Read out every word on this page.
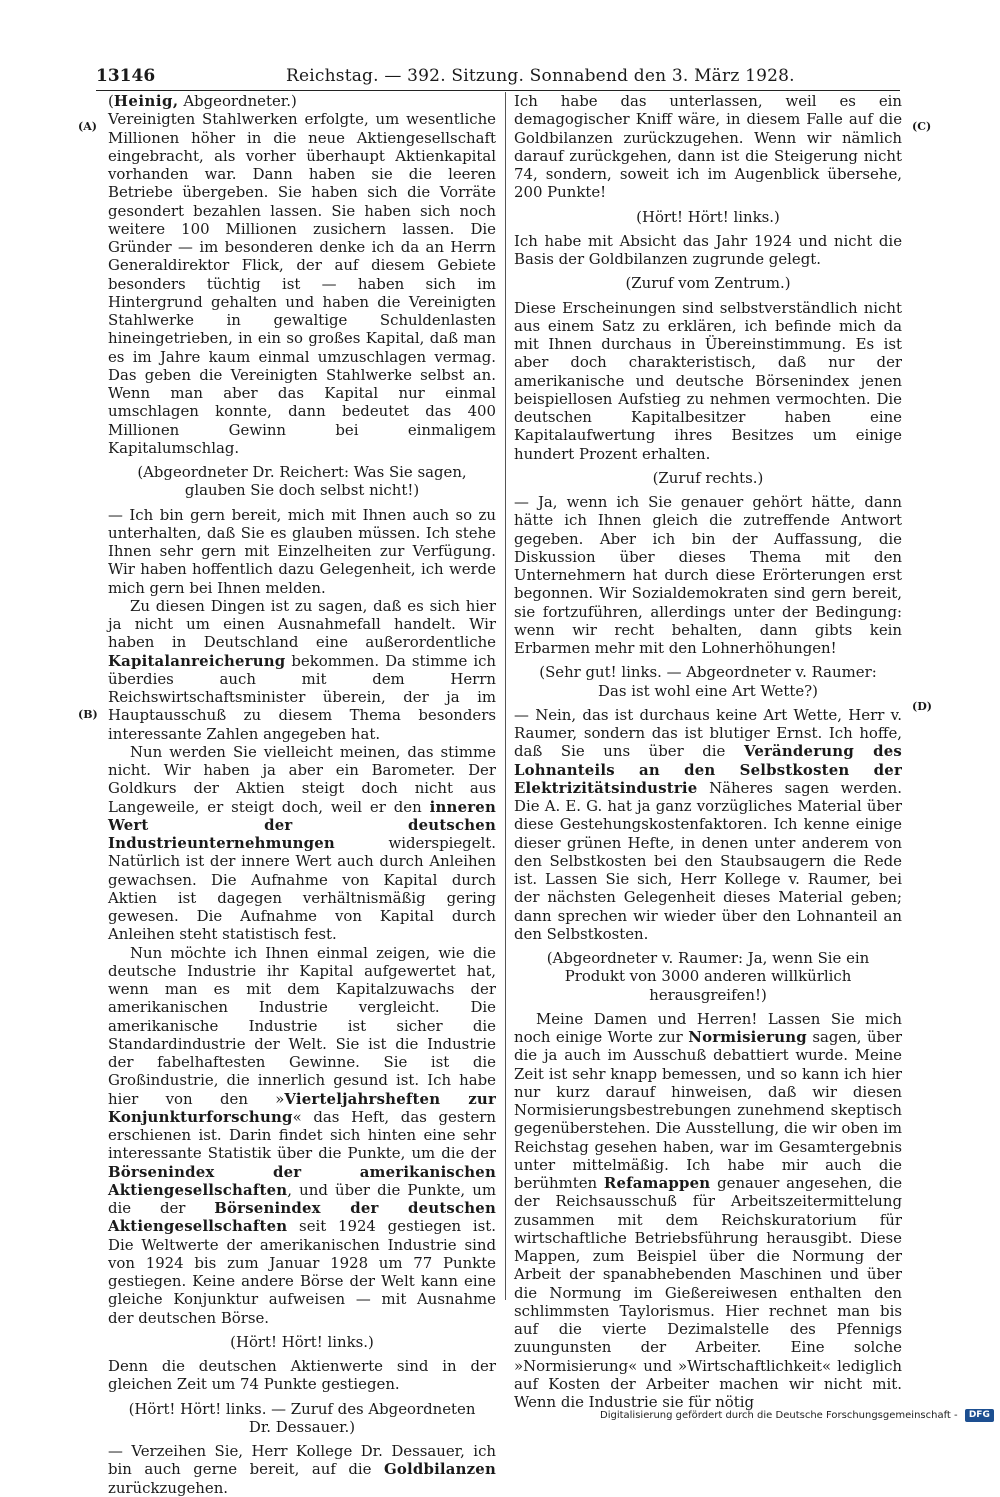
13146	Reichstag. — 392. Sitzung. Sonnabend den 3. März 1928.
(A)
(B)
(C)
(D)

(Heinig, Abgeordneter.)

Vereinigten Stahlwerken erfolgte, um wesentliche Millionen höher in die neue Aktiengesellschaft eingebracht, als vorher überhaupt Aktienkapital vorhanden war. Dann haben sie die leeren Betriebe übergeben. Sie haben sich die Vorräte gesondert bezahlen lassen. Sie haben sich noch weitere 100 Millionen zusichern lassen. Die Gründer — im besonderen denke ich da an Herrn Generaldirektor Flick, der auf diesem Gebiete besonders tüchtig ist — haben sich im Hintergrund gehalten und haben die Vereinigten Stahlwerke in gewaltige Schuldenlasten hineingetrieben, in ein so großes Kapital, daß man es im Jahre kaum einmal umzuschlagen vermag. Das geben die Vereinigten Stahlwerke selbst an. Wenn man aber das Kapital nur einmal umschlagen konnte, dann bedeutet das 400 Millionen Gewinn bei einmaligem Kapitalumschlag.

(Abgeordneter Dr. Reichert: Was Sie sagen, glauben Sie doch selbst nicht!)

— Ich bin gern bereit, mich mit Ihnen auch so zu unterhalten, daß Sie es glauben müssen. Ich stehe Ihnen sehr gern mit Einzelheiten zur Verfügung. Wir haben hoffentlich dazu Gelegenheit, ich werde mich gern bei Ihnen melden.

Zu diesen Dingen ist zu sagen, daß es sich hier ja nicht um einen Ausnahmefall handelt. Wir haben in Deutschland eine außerordentliche Kapitalanreicherung bekommen. Da stimme ich überdies auch mit dem Herrn Reichswirtschaftsminister überein, der ja im Hauptausschuß zu diesem Thema besonders interessante Zahlen angegeben hat.

Nun werden Sie vielleicht meinen, das stimme nicht. Wir haben ja aber ein Barometer. Der Goldkurs der Aktien steigt doch nicht aus Langeweile, er steigt doch, weil er den inneren Wert der deutschen Industrieunternehmungen	widerspiegelt. Natürlich ist der innere Wert auch durch Anleihen gewachsen. Die Aufnahme von Kapital durch Aktien ist dagegen verhältnismäßig gering gewesen. Die Aufnahme von Kapital durch Anleihen steht statistisch fest.

Nun möchte ich Ihnen einmal zeigen, wie die deutsche Industrie ihr Kapital aufgewertet hat, wenn man es mit dem Kapitalzuwachs der amerikanischen Industrie vergleicht. Die amerikanische Industrie ist sicher die Standardindustrie der Welt. Sie ist die Industrie der fabelhaftesten Gewinne. Sie ist die Großindustrie, die innerlich gesund ist. Ich habe hier von den »Vierteljahrsheften zur Konjunkturforschung« das Heft, das gestern erschienen ist. Darin findet sich hinten eine sehr interessante Statistik über die Punkte, um die der Börsenindex der amerikanischen Aktiengesellschaften, und über die Punkte, um die der Börsenindex der deutschen Aktiengesellschaften seit 1924 gestiegen ist. Die Weltwerte der amerikanischen Industrie sind von 1924 bis zum Januar 1928 um 77 Punkte gestiegen. Keine andere Börse der Welt kann eine gleiche Konjunktur aufweisen — mit Ausnahme der deutschen Börse.

(Hört! Hört! links.)

Denn die deutschen Aktienwerte sind in der gleichen Zeit um 74 Punkte gestiegen.

(Hört! Hört! links. — Zuruf des Abgeordneten Dr. Dessauer.)

— Verzeihen Sie, Herr Kollege Dr. Dessauer, ich bin auch gerne bereit, auf die Goldbilanzen zurückzugehen.

Ich habe das unterlassen, weil es ein demagogischer Kniff wäre, in diesem Falle auf die Goldbilanzen zurückzugehen. Wenn wir nämlich darauf zurückgehen, dann ist die Steigerung nicht 74, sondern, soweit ich im Augenblick übersehe, 200 Punkte!

(Hört! Hört! links.)

Ich habe mit Absicht das Jahr 1924 und nicht die Basis der Goldbilanzen zugrunde gelegt.

(Zuruf vom Zentrum.)

Diese Erscheinungen sind selbstverständlich nicht aus einem Satz zu erklären, ich befinde mich da mit Ihnen durchaus in Übereinstimmung. Es ist aber doch charakteristisch, daß nur der amerikanische und deutsche Börsenindex jenen beispiellosen Aufstieg zu nehmen vermochten. Die deutschen Kapitalbesitzer haben eine Kapitalaufwertung ihres Besitzes um einige hundert Prozent erhalten.

(Zuruf rechts.)

— Ja, wenn ich Sie genauer gehört hätte, dann hätte ich Ihnen gleich die zutreffende Antwort gegeben. Aber ich bin der Auffassung, die Diskussion über dieses Thema mit den Unternehmern hat durch diese Erörterungen erst begonnen. Wir Sozialdemokraten sind gern bereit, sie fortzuführen, allerdings unter der Bedingung: wenn wir recht behalten, dann gibts kein Erbarmen mehr mit den Lohnerhöhungen!

(Sehr gut! links. — Abgeordneter v. Raumer: Das ist wohl eine Art Wette?)

— Nein, das ist durchaus keine Art Wette, Herr v. Raumer, sondern das ist blutiger Ernst. Ich hoffe, daß Sie uns über die Veränderung des Lohnanteils an den Selbstkosten der Elektrizitätsindustrie Näheres sagen werden. Die A. E. G. hat ja ganz vorzügliches Material über diese Gestehungskostenfaktoren. Ich kenne einige dieser grünen Hefte, in denen unter anderem von den Selbstkosten bei den Staubsaugern die Rede ist. Lassen Sie sich, Herr Kollege v. Raumer, bei der nächsten Gelegenheit dieses Material geben; dann sprechen wir wieder über den Lohnanteil an den Selbstkosten.

(Abgeordneter v. Raumer: Ja, wenn Sie ein Produkt von 3000 anderen willkürlich herausgreifen!)

Meine Damen und Herren! Lassen Sie mich noch einige Worte zur Normisierung sagen, über die ja auch im Ausschuß debattiert wurde. Meine Zeit ist sehr knapp bemessen, und so kann ich hier nur kurz darauf hinweisen, daß wir diesen Normisierungsbestrebungen zunehmend skeptisch gegenüberstehen. Die Ausstellung, die wir oben im Reichstag gesehen haben, war im Gesamtergebnis unter mittelmäßig. Ich habe mir auch die berühmten Refamappen genauer angesehen, die der Reichsausschuß für Arbeitszeitermittelung zusammen mit dem Reichskuratorium für wirtschaftliche Betriebsführung herausgibt. Diese Mappen, zum Beispiel über die Normung der Arbeit der spanabhebenden Maschinen und über die Normung im Gießereiwesen enthalten den schlimmsten Taylorismus. Hier rechnet man bis auf die vierte Dezimalstelle des Pfennigs zuungunsten der Arbeiter. Eine solche »Normisierung« und »Wirtschaftlichkeit« lediglich auf Kosten der Arbeiter machen wir nicht mit. Wenn die Industrie sie für nötig

Digitalisierung gefördert durch die Deutsche Forschungsgemeinschaft - DFG
